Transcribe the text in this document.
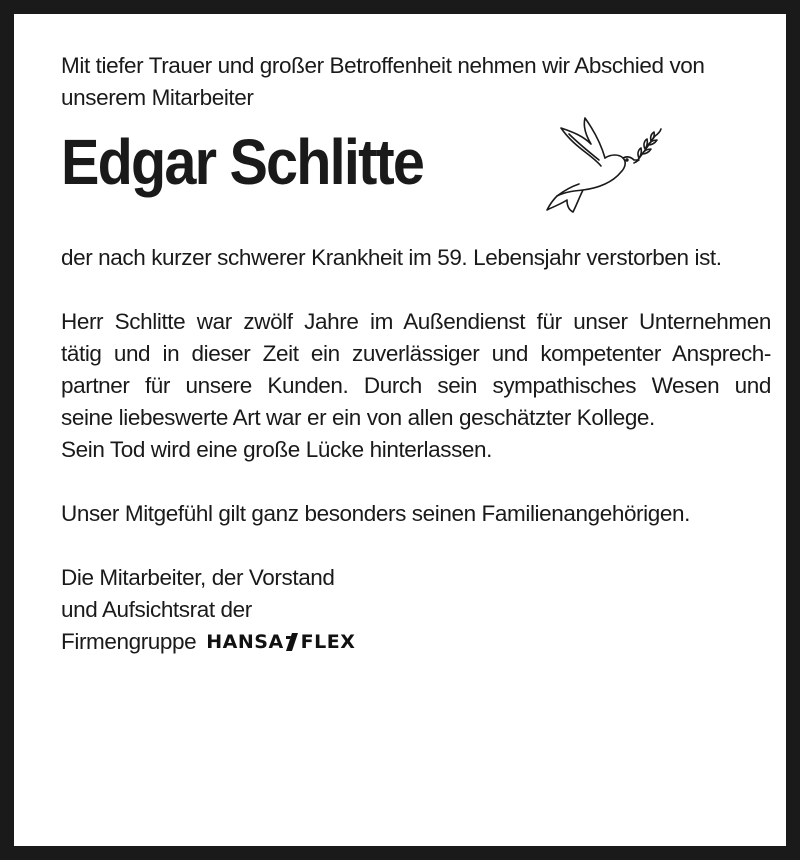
Mit tiefer Trauer und großer Betroffenheit nehmen wir Abschied von
unserem Mitarbeiter

Edgar Schlitte

der nach kurzer schwerer Krankheit im 59. Lebensjahr verstorben ist.

Herr Schlitte war zwölf Jahre im Außendienst für unser Unternehmen
tätig und in dieser Zeit ein zuverlässiger und kompetenter Ansprech-
partner für unsere Kunden. Durch sein sympathisches Wesen und
seine liebeswerte Art war er ein von allen geschätzter Kollege.
Sein Tod wird eine große Lücke hinterlassen.

Unser Mitgefühl gilt ganz besonders seinen Familienangehörigen.

Die Mitarbeiter, der Vorstand
und Aufsichtsrat der
Firmengruppe HANSA FLEX
